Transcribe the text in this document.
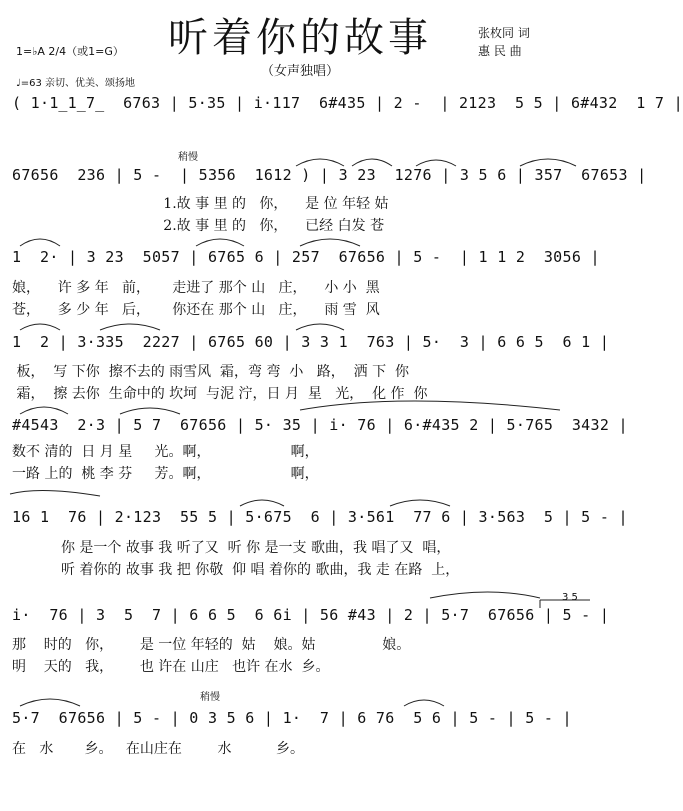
听着你的故事	张枚同 词
惠 民 曲
（女声独唱）
1=♭A 2/4（或1=G）
♩=63 亲切、优美、颂扬地
稍慢
稍慢
3 5
( 1·1̲1̲7̲  6763 | 5·35 | i·117  6#435 | 2 -  | 2123  5 5 | 6#432  1 7 |
67656  236 | 5 -  | 5356  1612 ) | 3 23  1276 | 3 5 6 | 357  67653 |
1.故 事 里 的   你，    是 位 年轻 姑
2.故 事 里 的   你，    已经 白发 苍
1  2· | 3 23  5057 | 6765 6 | 257  67656 | 5 -  | 1 1 2  3056 |
娘，    许 多 年   前，     走进了 那个 山   庄，    小 小  黑
苍，    多 少 年   后，     你还在 那个 山   庄，    雨 雪  风
1  2 | 3·335  2227 | 6765 60 | 3 3 1  763 | 5·  3 | 6 6 5  6 1 |
板，  写 下你  擦不去的 雨雪风  霜，弯 弯  小   路，  洒 下  你
霜，  擦 去你  生命中的 坎坷  与泥 泞，日 月  星   光，  化 作  你
#4543  2·3 | 5 7  67656 | 5· 35 | i· 76 | 6·#435 2 | 5·765  3432 |
数不 清的  日 月 星     光。啊，                  啊，
一路 上的  桃 李 芬     芳。啊，                  啊，
16 1  76 | 2·123  55 5 | 5·675  6 | 3·561  77 6 | 3·563  5 | 5 - |
你 是一个 故事 我 听了又  听 你 是一支 歌曲，我 唱了又  唱，
听 着你的 故事 我 把 你敬  仰 唱 着你的 歌曲，我 走 在路  上，
i·  76 | 3  5  7 | 6 6 5  6 6i | 56 #43 | 2 | 5·7  67656 | 5 - |
那    时的   你，      是 一位 年轻的  姑    娘。姑               娘。
明    天的   我，      也 许在 山庄   也许 在水  乡。
5·7  67656 | 5 - | 0 3 5 6 | 1·  7 | 6 76  5 6 | 5 - | 5 - |
在   水       乡。   在山庄在        水          乡。
